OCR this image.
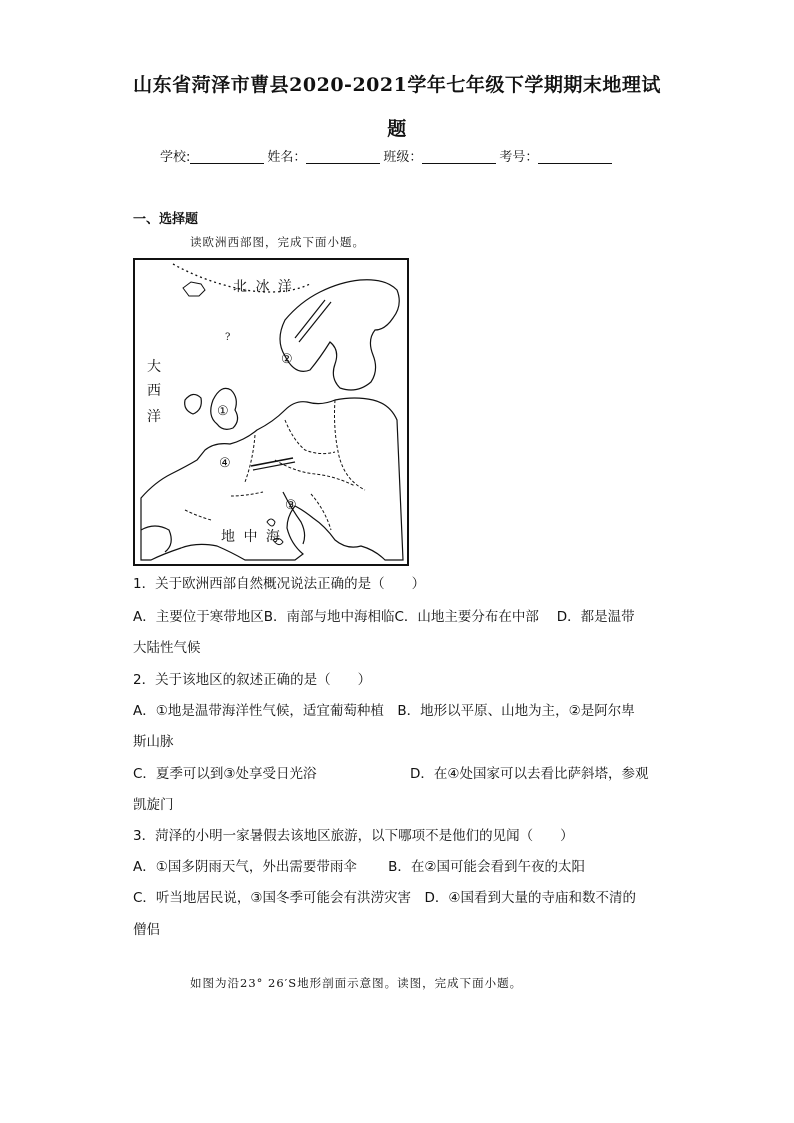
山东省菏泽市曹县2020-2021学年七年级下学期期末地理试
题
学校:	姓名：	班级：	考号：
一、选择题
读欧洲西部图，完成下面小题。
北 冰 洋
大
西
洋
地 中 海
①
②
③
④
?
1．关于欧洲西部自然概况说法正确的是（　　）
A．主要位于寒带地区B．南部与地中海相临C．山地主要分布在中部　 D．都是温带
大陆性气候
2．关于该地区的叙述正确的是（　　）
A．①地是温带海洋性气候，适宜葡萄种植　B．地形以平原、山地为主，②是阿尔卑
斯山脉
C．夏季可以到③处享受日光浴	D．在④处国家可以去看比萨斜塔，参观
凯旋门
3．菏泽的小明一家暑假去该地区旅游，以下哪项不是他们的见闻（　　）
A．①国多阴雨天气，外出需要带雨伞　　 B．在②国可能会看到午夜的太阳
C．听当地居民说，③国冬季可能会有洪涝灾害　D．④国看到大量的寺庙和数不清的
僧侣
如图为沿23° 26′S地形剖面示意图。读图，完成下面小题。
